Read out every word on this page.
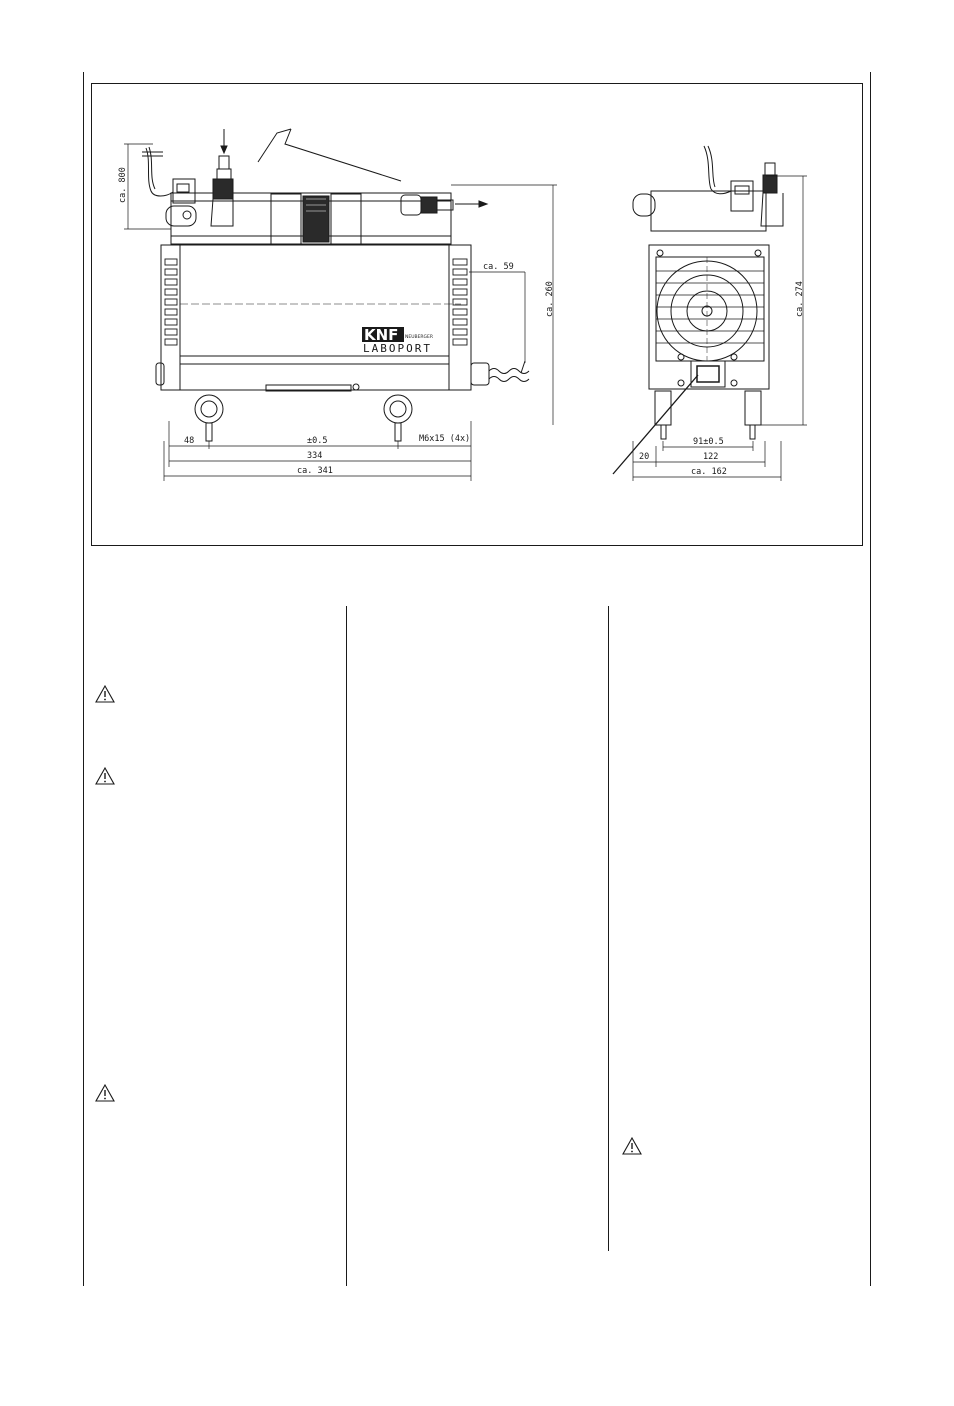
KNF NEUBERGER
LABOPORT
ca. 800
ca. 59
ca. 260
48	±0.5	M6x15 (4x)
334
ca. 341
ca. 274
91±0.5
20	122
ca. 162
